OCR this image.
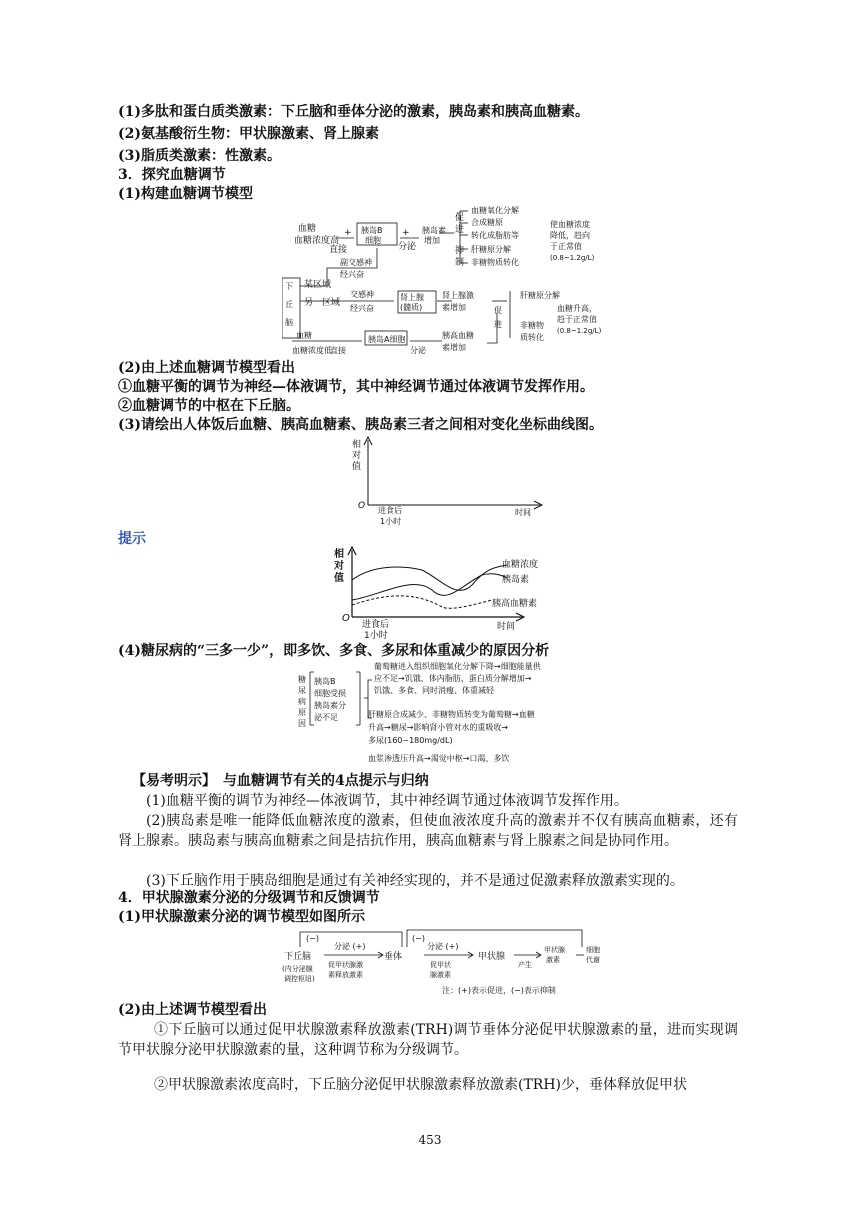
(1)多肽和蛋白质类激素：下丘脑和垂体分泌的激素，胰岛素和胰高血糖素。
(2)氨基酸衍生物：甲状腺激素、肾上腺素
(3)脂质类激素：性激素。
3．探究血糖调节
(1)构建血糖调节模型
血糖
血糖浓度高
直接
+ 胰岛B
细胞
分泌
+ 胰岛素
增加
促
进
抑
制
血糖氧化分解
合成糖原
转化成脂肪等
肝糖原分解
非糖物质转化
使血糖浓度
降低，趋向
于正常值
(0.8~1.2g/L)
副交感神
经兴奋
下
丘
脑
某区域
另一区域
交感神
经兴奋
肾上腺
(髓质)
肾上腺激
素增加	促
进
肝糖原分解
非糖物
质转化
血糖升高，
趋于正常值
(0.8~1.2g/L)
血糖
血糖浓度低
直接
胰岛A细胞
分泌
胰高血糖
素增加
(2)由上述血糖调节模型看出
①血糖平衡的调节为神经—体液调节，其中神经调节通过体液调节发挥作用。
②血糖调节的中枢在下丘脑。
(3)请绘出人体饭后血糖、胰高血糖素、胰岛素三者之间相对变化坐标曲线图。
相
对
值
O 进食后
1小时
时间
提示
相
对
值
O
进食后
1小时
时间
血糖浓度
胰岛素
胰高血糖素
(4)糖尿病的“三多一少”，即多饮、多食、多尿和体重减少的原因分析
糖
尿
病
原
因
胰岛B
细胞受损
胰岛素分
泌不足
葡萄糖进入组织细胞氧化分解下降→细胞能量供
应不足→饥饿、体内脂肪、蛋白质分解增加→
饥饿、多食、同时消瘦、体重减轻
肝糖原合成减少、非糖物质转变为葡萄糖→血糖
升高→糖尿→影响肾小管对水的重吸收→
多尿(160~180mg/dL)
血浆渗透压升高→渴觉中枢→口渴、多饮
【易考明示】　与血糖调节有关的4点提示与归纳
(1)血糖平衡的调节为神经—体液调节，其中神经调节通过体液调节发挥作用。
(2)胰岛素是唯一能降低血糖浓度的激素，但使血液浓度升高的激素并不仅有胰高血糖素，还有肾上腺素。胰岛素与胰高血糖素之间是拮抗作用，胰高血糖素与肾上腺素之间是协同作用。
(3)下丘脑作用于胰岛细胞是通过有关神经实现的，并不是通过促激素释放激素实现的。
4．甲状腺激素分泌的分级调节和反馈调节
(1)甲状腺激素分泌的调节模型如图所示
(−)	(−)
分泌 (+)	分泌 (+)
下丘脑
(内分泌腺
调控枢纽)
促甲状腺激
素释放激素
垂体
促甲状
腺激素
甲状腺
产生
甲状腺
激素
细胞
代谢
注：(+)表示促进，(−)表示抑制
(2)由上述调节模型看出
①下丘脑可以通过促甲状腺激素释放激素(TRH)调节垂体分泌促甲状腺激素的量，进而实现调节甲状腺分泌甲状腺激素的量，这种调节称为分级调节。
②甲状腺激素浓度高时，下丘脑分泌促甲状腺激素释放激素(TRH)少，垂体释放促甲状
453
